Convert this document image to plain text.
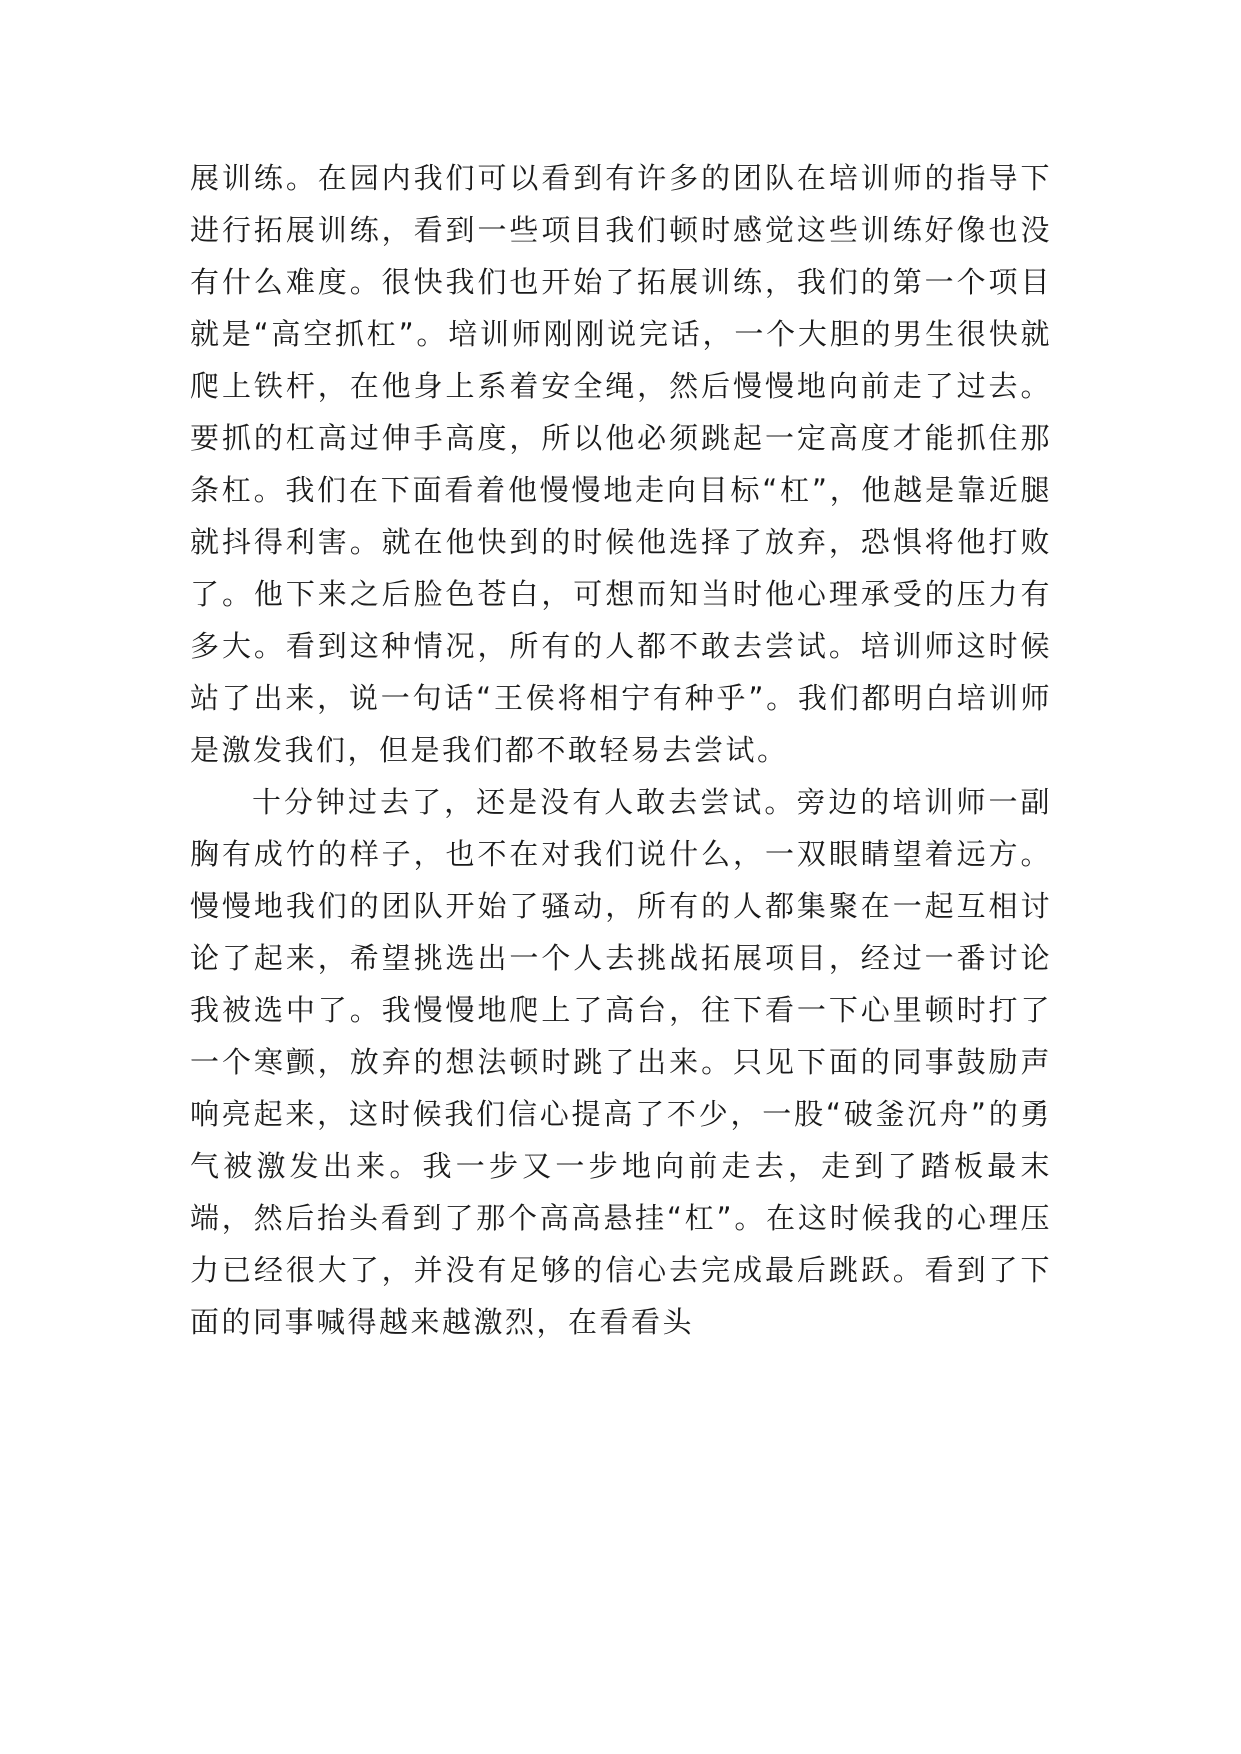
展训练。在园内我们可以看到有许多的团队在培训师的指导下进行拓展训练，看到一些项目我们顿时感觉这些训练好像也没有什么难度。很快我们也开始了拓展训练，我们的第一个项目就是“高空抓杠”。培训师刚刚说完话，一个大胆的男生很快就爬上铁杆，在他身上系着安全绳，然后慢慢地向前走了过去。要抓的杠高过伸手高度，所以他必须跳起一定高度才能抓住那条杠。我们在下面看着他慢慢地走向目标“杠”，他越是靠近腿就抖得利害。就在他快到的时候他选择了放弃，恐惧将他打败了。他下来之后脸色苍白，可想而知当时他心理承受的压力有多大。看到这种情况，所有的人都不敢去尝试。培训师这时候站了出来，说一句话“王侯将相宁有种乎”。我们都明白培训师是激发我们，但是我们都不敢轻易去尝试。

十分钟过去了，还是没有人敢去尝试。旁边的培训师一副胸有成竹的样子，也不在对我们说什么，一双眼睛望着远方。慢慢地我们的团队开始了骚动，所有的人都集聚在一起互相讨论了起来，希望挑选出一个人去挑战拓展项目，经过一番讨论我被选中了。我慢慢地爬上了高台，往下看一下心里顿时打了一个寒颤，放弃的想法顿时跳了出来。只见下面的同事鼓励声响亮起来，这时候我们信心提高了不少，一股“破釜沉舟”的勇气被激发出来。我一步又一步地向前走去，走到了踏板最末端，然后抬头看到了那个高高悬挂“杠”。在这时候我的心理压力已经很大了，并没有足够的信心去完成最后跳跃。看到了下面的同事喊得越来越激烈，在看看头
